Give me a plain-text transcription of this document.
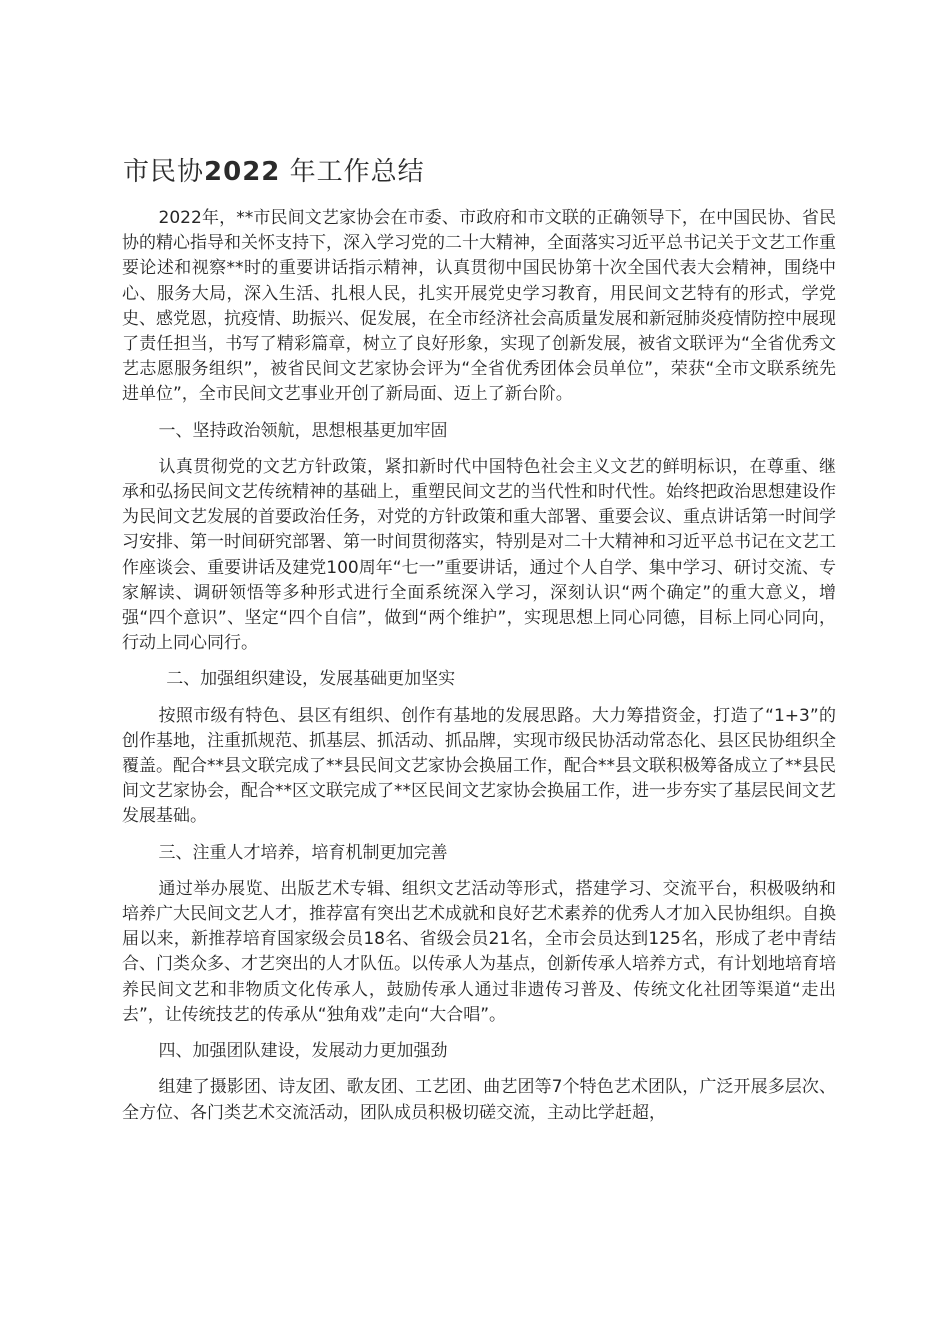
市民协2022 年工作总结

2022年，**市民间文艺家协会在市委、市政府和市文联的正确领导下，在中国民协、省民协的精心指导和关怀支持下，深入学习党的二十大精神，全面落实习近平总书记关于文艺工作重要论述和视察**时的重要讲话指示精神，认真贯彻中国民协第十次全国代表大会精神，围绕中心、服务大局，深入生活、扎根人民，扎实开展党史学习教育，用民间文艺特有的形式，学党史、感党恩，抗疫情、助振兴、促发展，在全市经济社会高质量发展和新冠肺炎疫情防控中展现了责任担当，书写了精彩篇章，树立了良好形象，实现了创新发展，被省文联评为“全省优秀文艺志愿服务组织”，被省民间文艺家协会评为“全省优秀团体会员单位”，荣获“全市文联系统先进单位”，全市民间文艺事业开创了新局面、迈上了新台阶。

一、坚持政治领航，思想根基更加牢固

认真贯彻党的文艺方针政策，紧扣新时代中国特色社会主义文艺的鲜明标识，在尊重、继承和弘扬民间文艺传统精神的基础上，重塑民间文艺的当代性和时代性。始终把政治思想建设作为民间文艺发展的首要政治任务，对党的方针政策和重大部署、重要会议、重点讲话第一时间学习安排、第一时间研究部署、第一时间贯彻落实，特别是对二十大精神和习近平总书记在文艺工作座谈会、重要讲话及建党100周年“七一”重要讲话，通过个人自学、集中学习、研讨交流、专家解读、调研领悟等多种形式进行全面系统深入学习，深刻认识“两个确定”的重大意义，增强“四个意识”、坚定“四个自信”，做到“两个维护”，实现思想上同心同德，目标上同心同向，行动上同心同行。

二、加强组织建设，发展基础更加坚实

按照市级有特色、县区有组织、创作有基地的发展思路。大力筹措资金，打造了“1+3”的创作基地，注重抓规范、抓基层、抓活动、抓品牌，实现市级民协活动常态化、县区民协组织全覆盖。配合**县文联完成了**县民间文艺家协会换届工作，配合**县文联积极筹备成立了**县民间文艺家协会，配合**区文联完成了**区民间文艺家协会换届工作，进一步夯实了基层民间文艺发展基础。

三、注重人才培养，培育机制更加完善

通过举办展览、出版艺术专辑、组织文艺活动等形式，搭建学习、交流平台，积极吸纳和培养广大民间文艺人才，推荐富有突出艺术成就和良好艺术素养的优秀人才加入民协组织。自换届以来，新推荐培育国家级会员18名、省级会员21名，全市会员达到125名，形成了老中青结合、门类众多、才艺突出的人才队伍。以传承人为基点，创新传承人培养方式，有计划地培育培养民间文艺和非物质文化传承人，鼓励传承人通过非遗传习普及、传统文化社团等渠道“走出去”，让传统技艺的传承从“独角戏”走向“大合唱”。

四、加强团队建设，发展动力更加强劲

组建了摄影团、诗友团、歌友团、工艺团、曲艺团等7个特色艺术团队，广泛开展多层次、全方位、各门类艺术交流活动，团队成员积极切磋交流，主动比学赶超，
